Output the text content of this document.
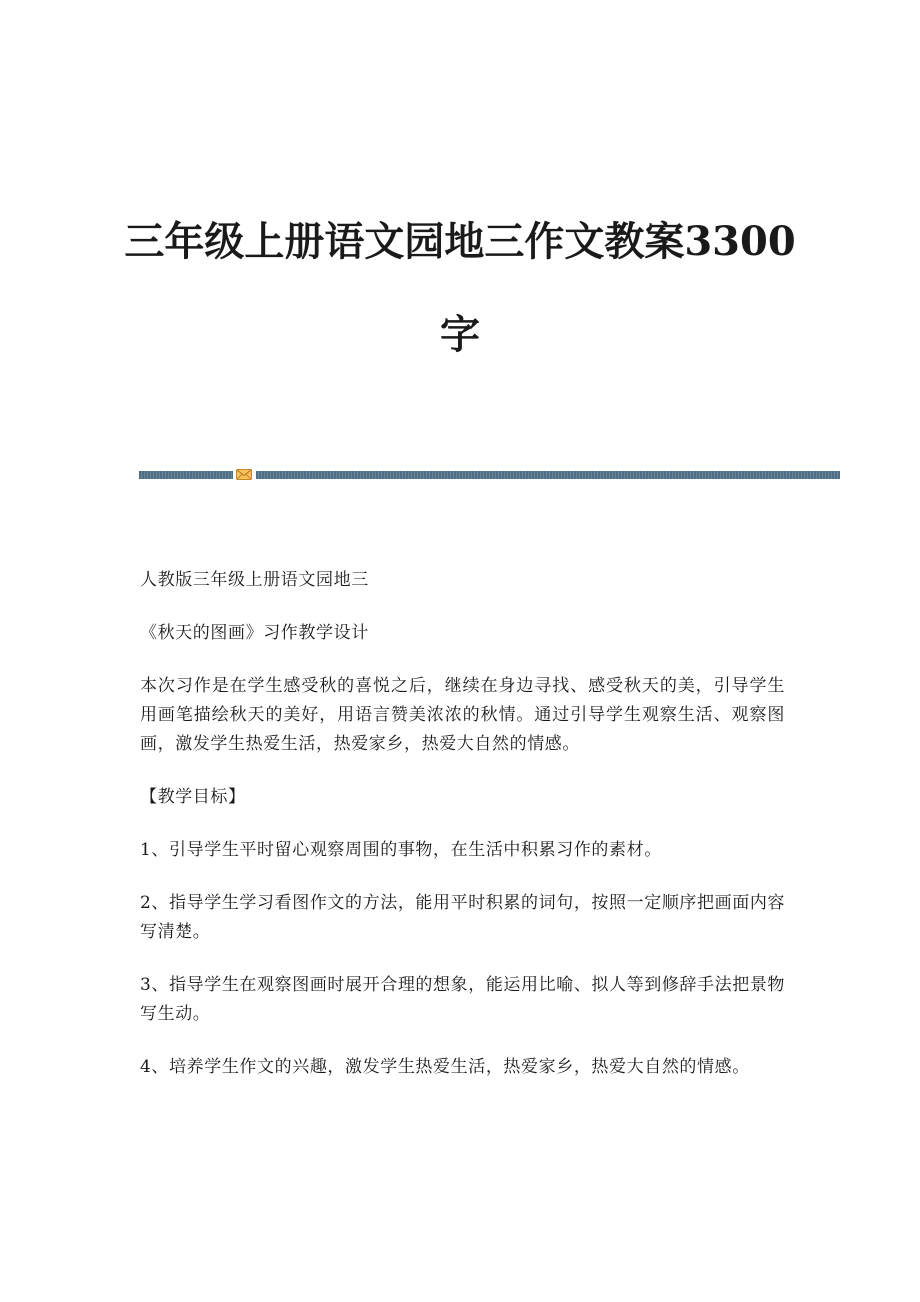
三年级上册语文园地三作文教案3300
字

人教版三年级上册语文园地三

《秋天的图画》习作教学设计

本次习作是在学生感受秋的喜悦之后，继续在身边寻找、感受秋天的美，引导学生用画笔描绘秋天的美好，用语言赞美浓浓的秋情。通过引导学生观察生活、观察图画，激发学生热爱生活，热爱家乡，热爱大自然的情感。

【教学目标】

1、引导学生平时留心观察周围的事物，在生活中积累习作的素材。

2、指导学生学习看图作文的方法，能用平时积累的词句，按照一定顺序把画面内容写清楚。

3、指导学生在观察图画时展开合理的想象，能运用比喻、拟人等到修辞手法把景物写生动。

4、培养学生作文的兴趣，激发学生热爱生活，热爱家乡，热爱大自然的情感。
